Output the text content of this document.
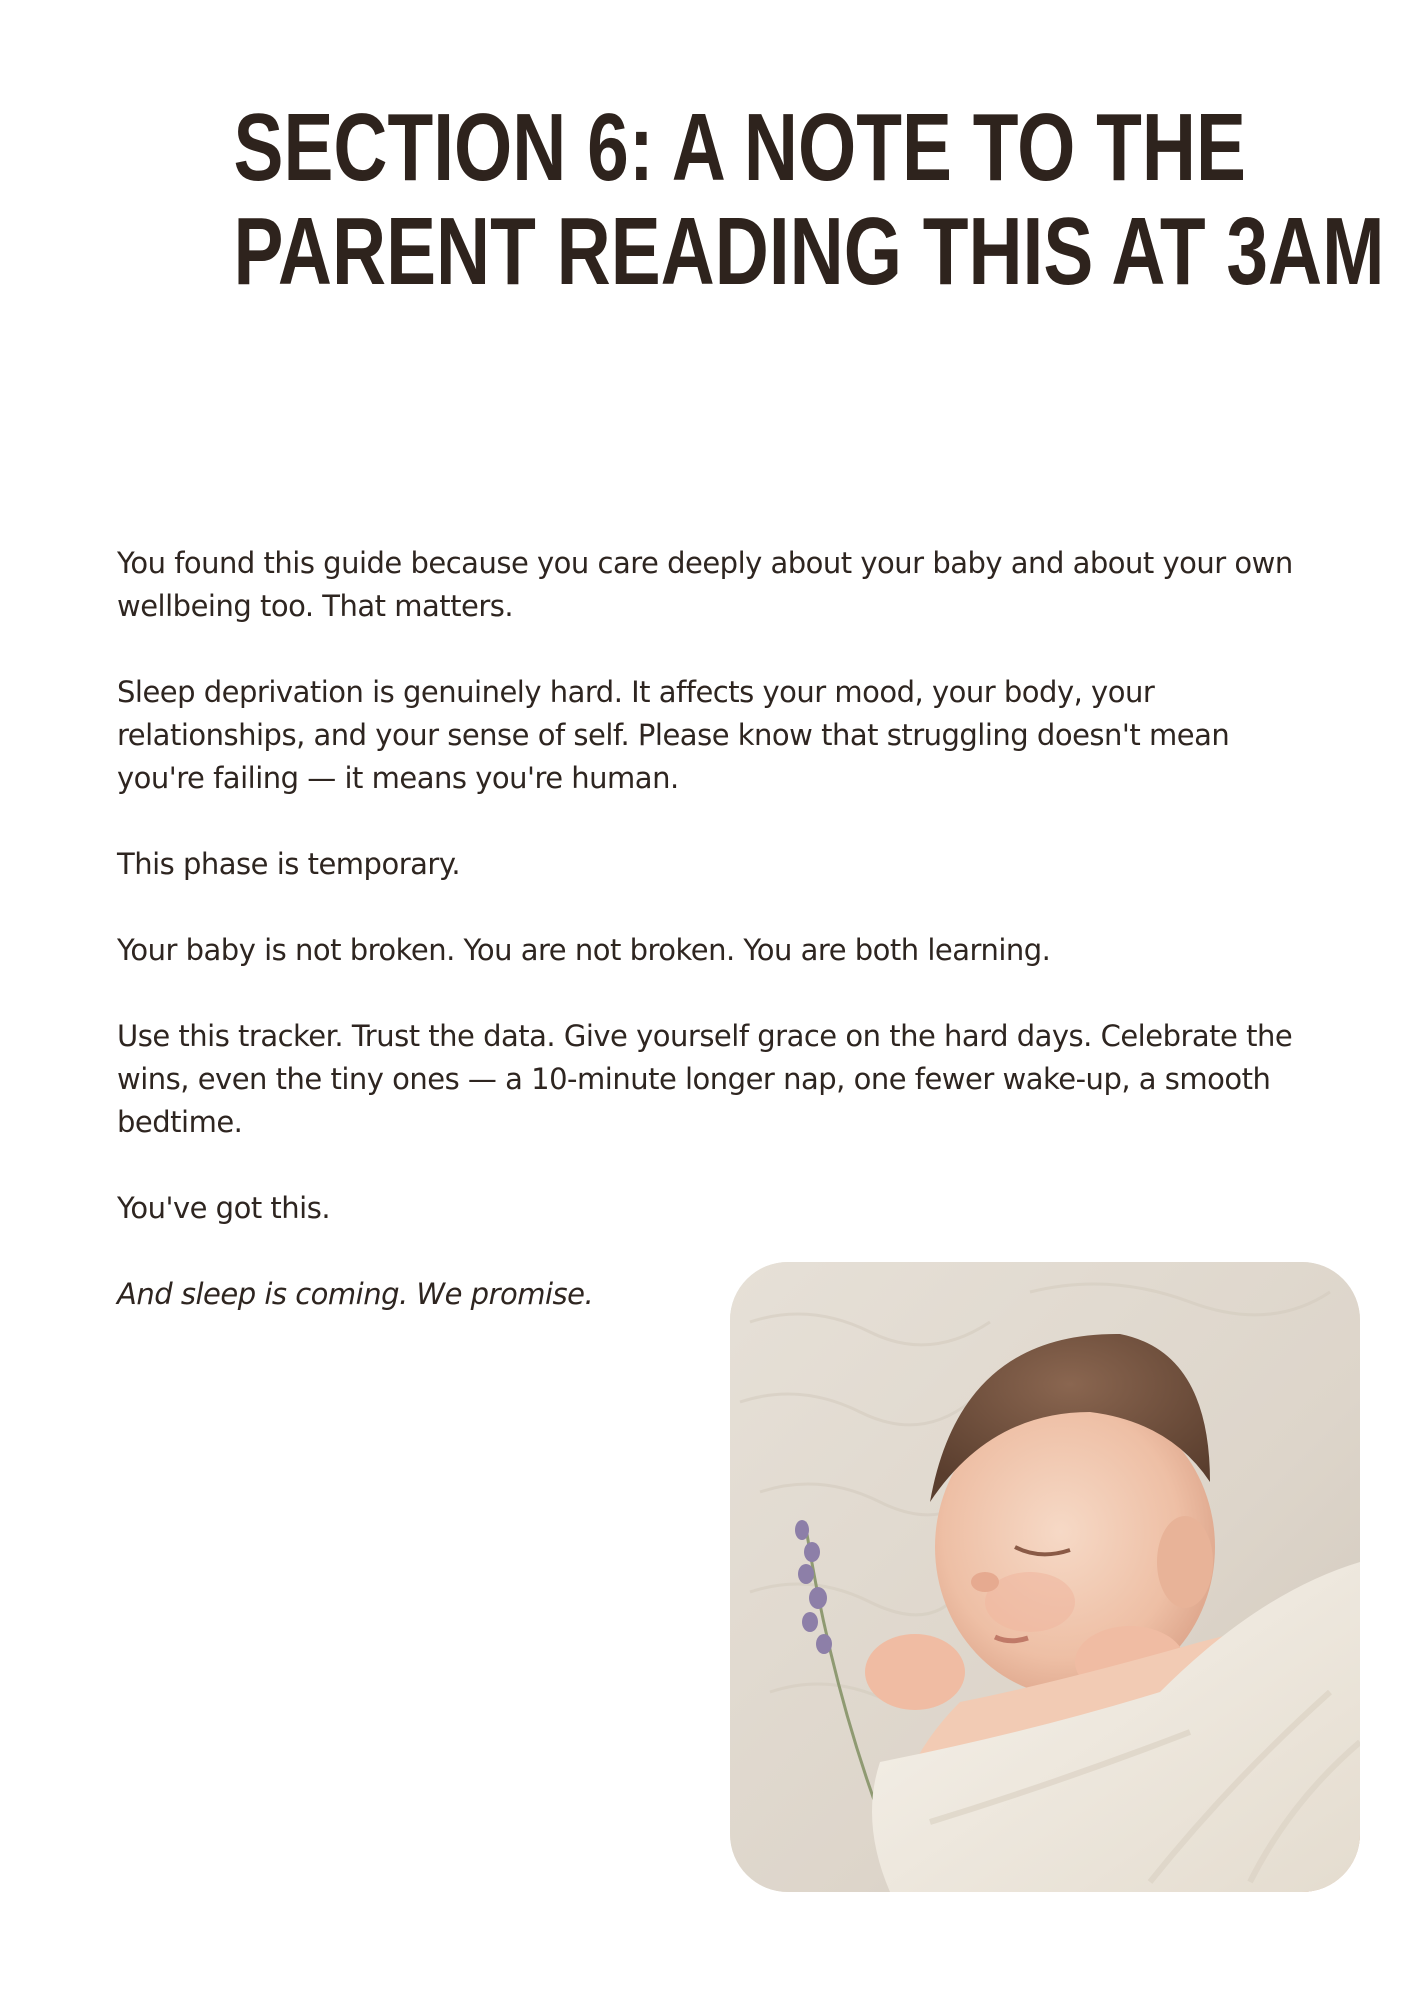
SECTION 6: A NOTE TO THE
PARENT READING THIS AT 3AM

You found this guide because you care deeply about your baby and about your own wellbeing too. That matters.

Sleep deprivation is genuinely hard. It affects your mood, your body, your relationships, and your sense of self. Please know that struggling doesn't mean you're failing — it means you're human.

This phase is temporary.

Your baby is not broken. You are not broken. You are both learning.

Use this tracker. Trust the data. Give yourself grace on the hard days. Celebrate the wins, even the tiny ones — a 10-minute longer nap, one fewer wake-up, a smooth bedtime.

You've got this.

And sleep is coming. We promise.
